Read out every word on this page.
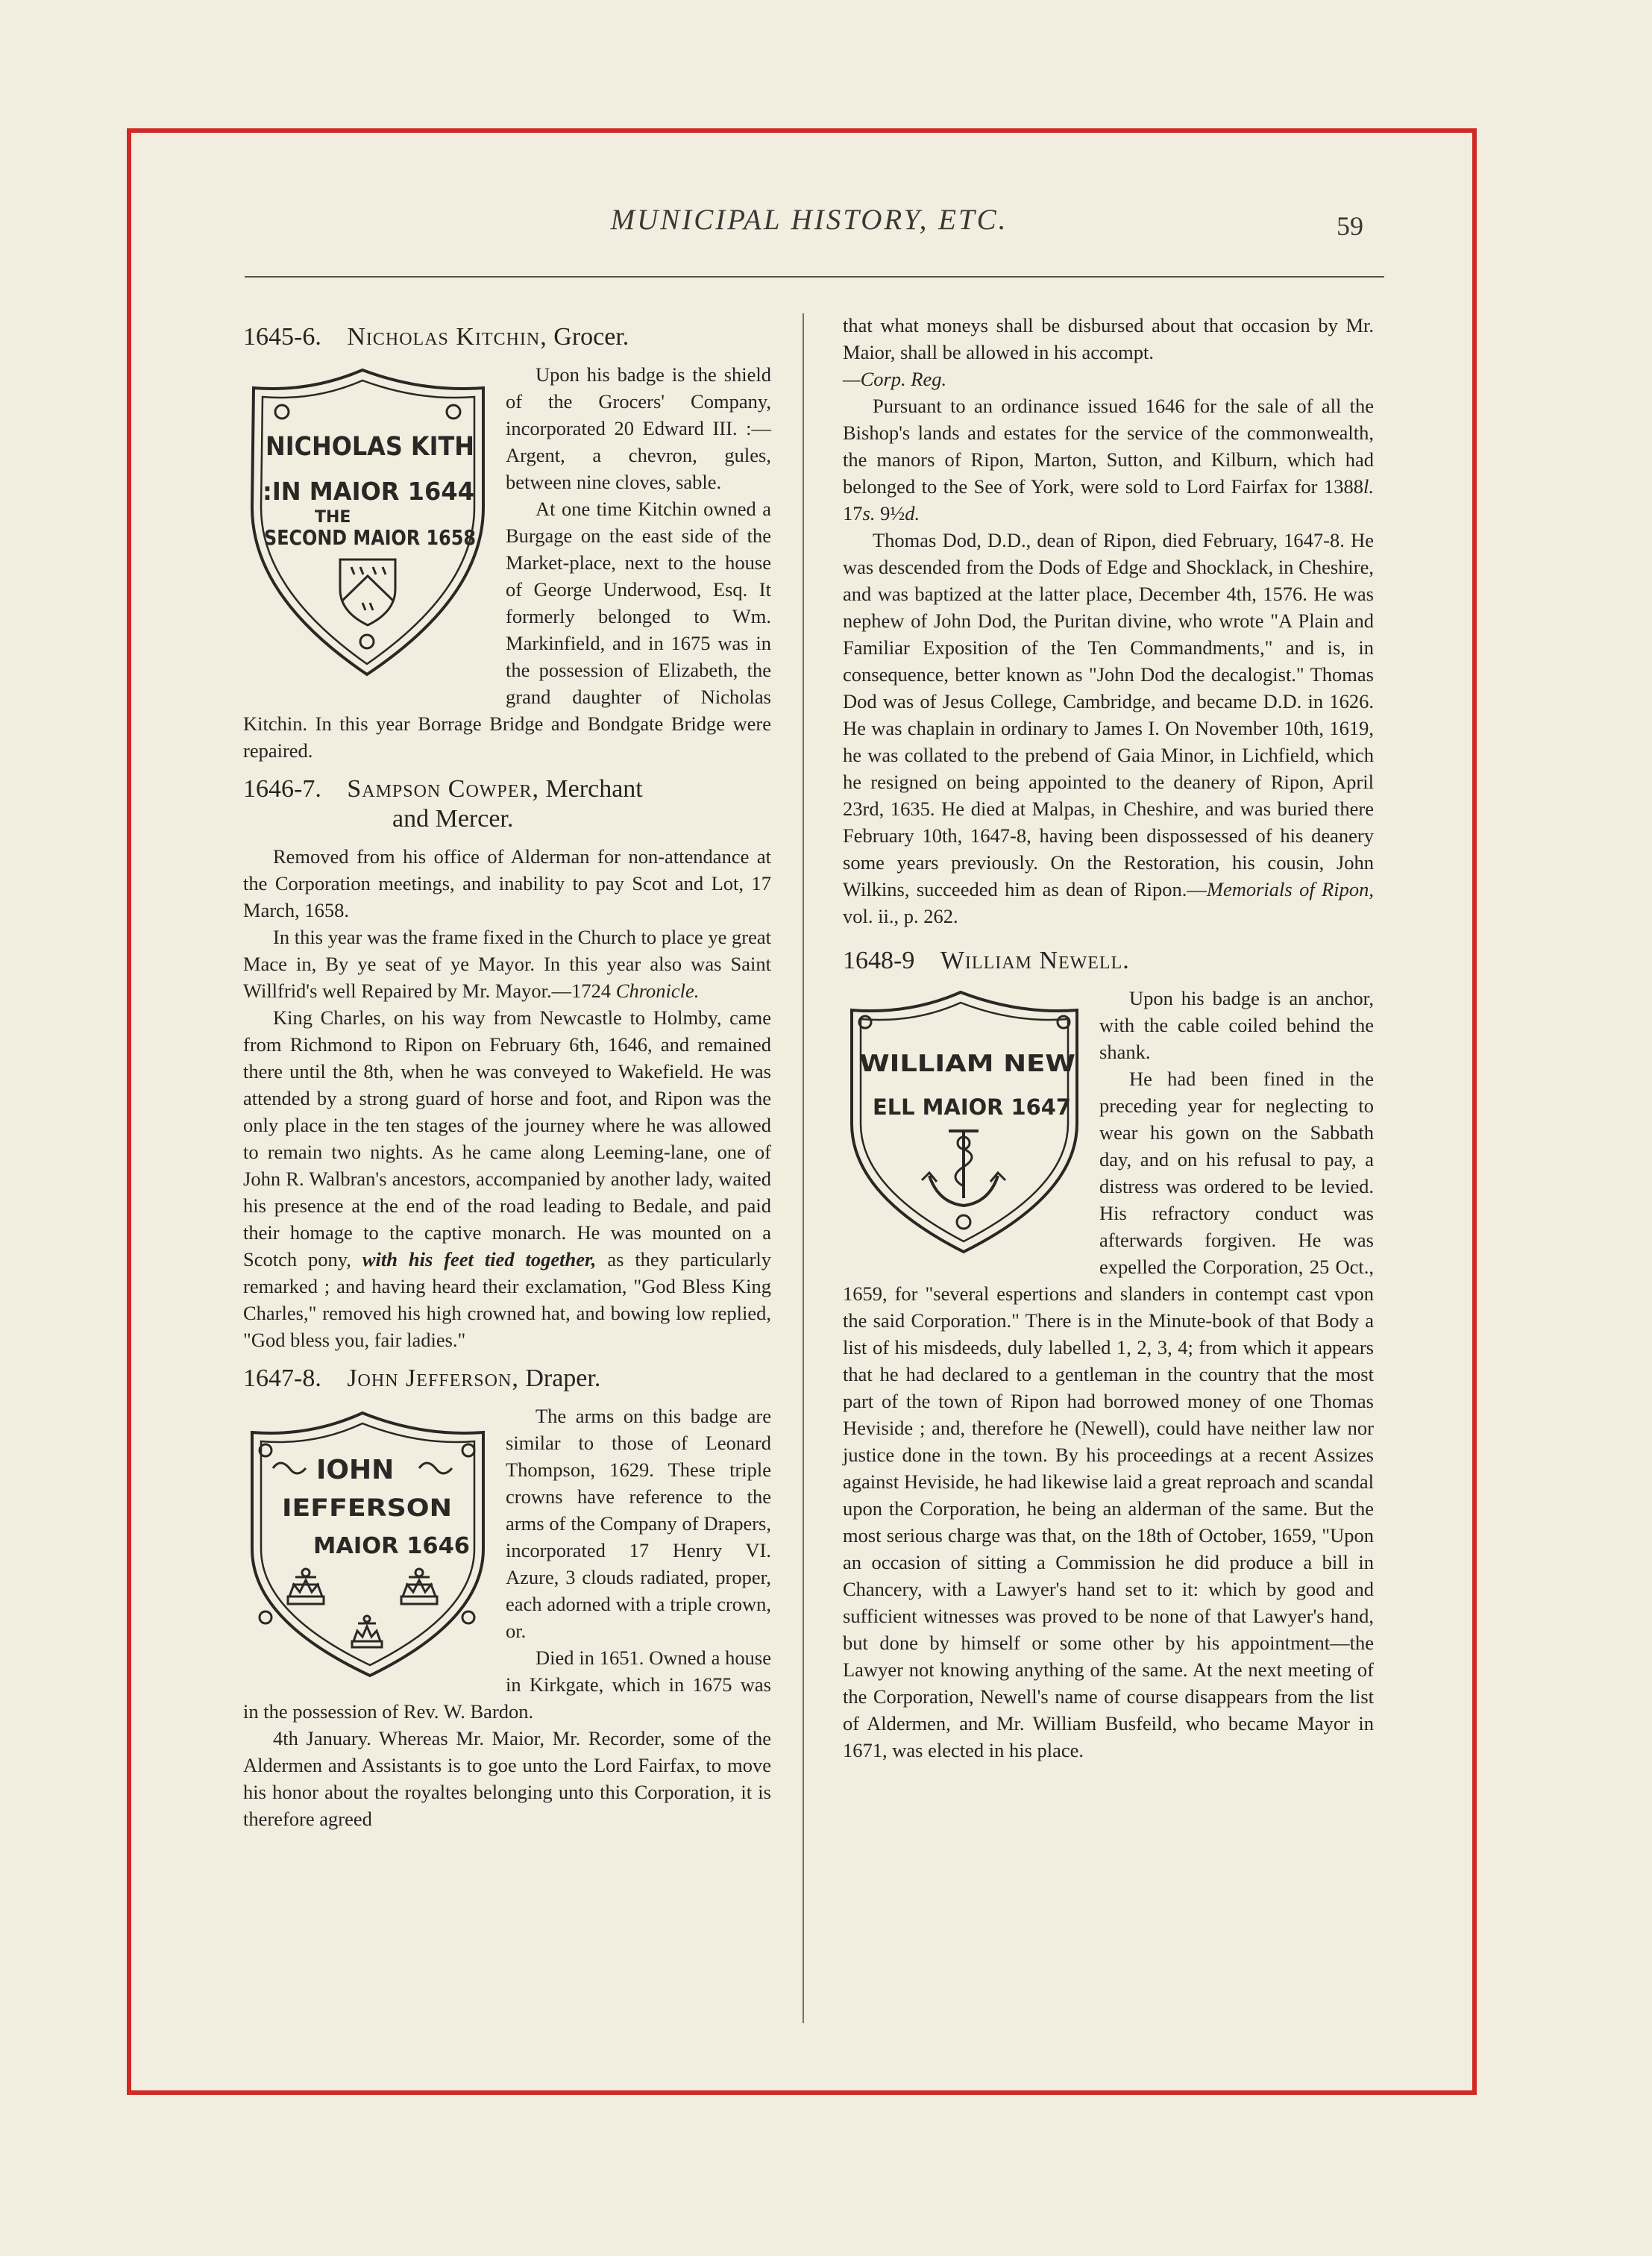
MUNICIPAL HISTORY, ETC.	59
1645-6. Nicholas Kitchin, Grocer.
NICHOLAS KITH
:IN MAIOR 1644
THE
SECOND MAIOR 1658

Upon his badge is the shield of the Grocers' Company, incorporated 20 Edward III. :—Argent, a chevron, gules, between nine cloves, sable.

At one time Kitchin owned a Burgage on the east side of the Market-place, next to the house of George Underwood, Esq. It formerly belonged to Wm. Markinfield, and in 1675 was in the possession of Elizabeth, the grand daughter of Nicholas Kitchin. In this year Borrage Bridge and Bondgate Bridge were repaired.

1646-7. Sampson Cowper, Merchant
and Mercer.

Removed from his office of Alderman for non-attendance at the Corporation meetings, and inability to pay Scot and Lot, 17 March, 1658.

In this year was the frame fixed in the Church to place ye great Mace in, By ye seat of ye Mayor. In this year also was Saint Willfrid's well Repaired by Mr. Mayor.—1724 Chronicle.

King Charles, on his way from Newcastle to Holmby, came from Richmond to Ripon on February 6th, 1646, and remained there until the 8th, when he was conveyed to Wakefield. He was attended by a strong guard of horse and foot, and Ripon was the only place in the ten stages of the journey where he was allowed to remain two nights. As he came along Leeming-lane, one of John R. Walbran's ancestors, accompanied by another lady, waited his presence at the end of the road leading to Bedale, and paid their homage to the captive monarch. He was mounted on a Scotch pony, with his feet tied together, as they particularly remarked ; and having heard their exclamation, "God Bless King Charles," removed his high crowned hat, and bowing low replied, "God bless you, fair ladies."

1647-8. John Jefferson, Draper.
IOHN
IEFFERSON
MAIOR 1646

The arms on this badge are similar to those of Leonard Thompson, 1629. These triple crowns have reference to the arms of the Company of Drapers, incorporated 17 Henry VI. Azure, 3 clouds radiated, proper, each adorned with a triple crown, or.

Died in 1651. Owned a house in Kirkgate, which in 1675 was in the possession of Rev. W. Bardon.

4th January. Whereas Mr. Maior, Mr. Recorder, some of the Aldermen and Assistants is to goe unto the Lord Fairfax, to move his honor about the royaltes belonging unto this Corporation, it is therefore agreed

that what moneys shall be disbursed about that occasion by Mr. Maior, shall be allowed in his accompt.
—Corp. Reg.

Pursuant to an ordinance issued 1646 for the sale of all the Bishop's lands and estates for the service of the commonwealth, the manors of Ripon, Marton, Sutton, and Kilburn, which had belonged to the See of York, were sold to Lord Fairfax for 1388l. 17s. 9½d.

Thomas Dod, D.D., dean of Ripon, died February, 1647-8. He was descended from the Dods of Edge and Shocklack, in Cheshire, and was baptized at the latter place, December 4th, 1576. He was nephew of John Dod, the Puritan divine, who wrote "A Plain and Familiar Exposition of the Ten Commandments," and is, in consequence, better known as "John Dod the decalogist." Thomas Dod was of Jesus College, Cambridge, and became D.D. in 1626. He was chaplain in ordinary to James I. On November 10th, 1619, he was collated to the prebend of Gaia Minor, in Lichfield, which he resigned on being appointed to the deanery of Ripon, April 23rd, 1635. He died at Malpas, in Cheshire, and was buried there February 10th, 1647-8, having been dispossessed of his deanery some years previously. On the Restoration, his cousin, John Wilkins, succeeded him as dean of Ripon.—Memorials of Ripon, vol. ii., p. 262.

1648-9 William Newell.
WILLIAM NEW
ELL MAIOR 1647

Upon his badge is an anchor, with the cable coiled behind the shank.

He had been fined in the preceding year for neglecting to wear his gown on the Sabbath day, and on his refusal to pay, a distress was ordered to be levied. His refractory conduct was afterwards forgiven. He was expelled the Corporation, 25 Oct., 1659, for "several espertions and slanders in contempt cast vpon the said Corporation." There is in the Minute-book of that Body a list of his misdeeds, duly labelled 1, 2, 3, 4; from which it appears that he had declared to a gentleman in the country that the most part of the town of Ripon had borrowed money of one Thomas Heviside ; and, therefore he (Newell), could have neither law nor justice done in the town. By his proceedings at a recent Assizes against Heviside, he had likewise laid a great reproach and scandal upon the Corporation, he being an alderman of the same. But the most serious charge was that, on the 18th of October, 1659, "Upon an occasion of sitting a Commission he did produce a bill in Chancery, with a Lawyer's hand set to it: which by good and sufficient witnesses was proved to be none of that Lawyer's hand, but done by himself or some other by his appointment—the Lawyer not knowing anything of the same. At the next meeting of the Corporation, Newell's name of course disappears from the list of Aldermen, and Mr. William Busfeild, who became Mayor in 1671, was elected in his place.
